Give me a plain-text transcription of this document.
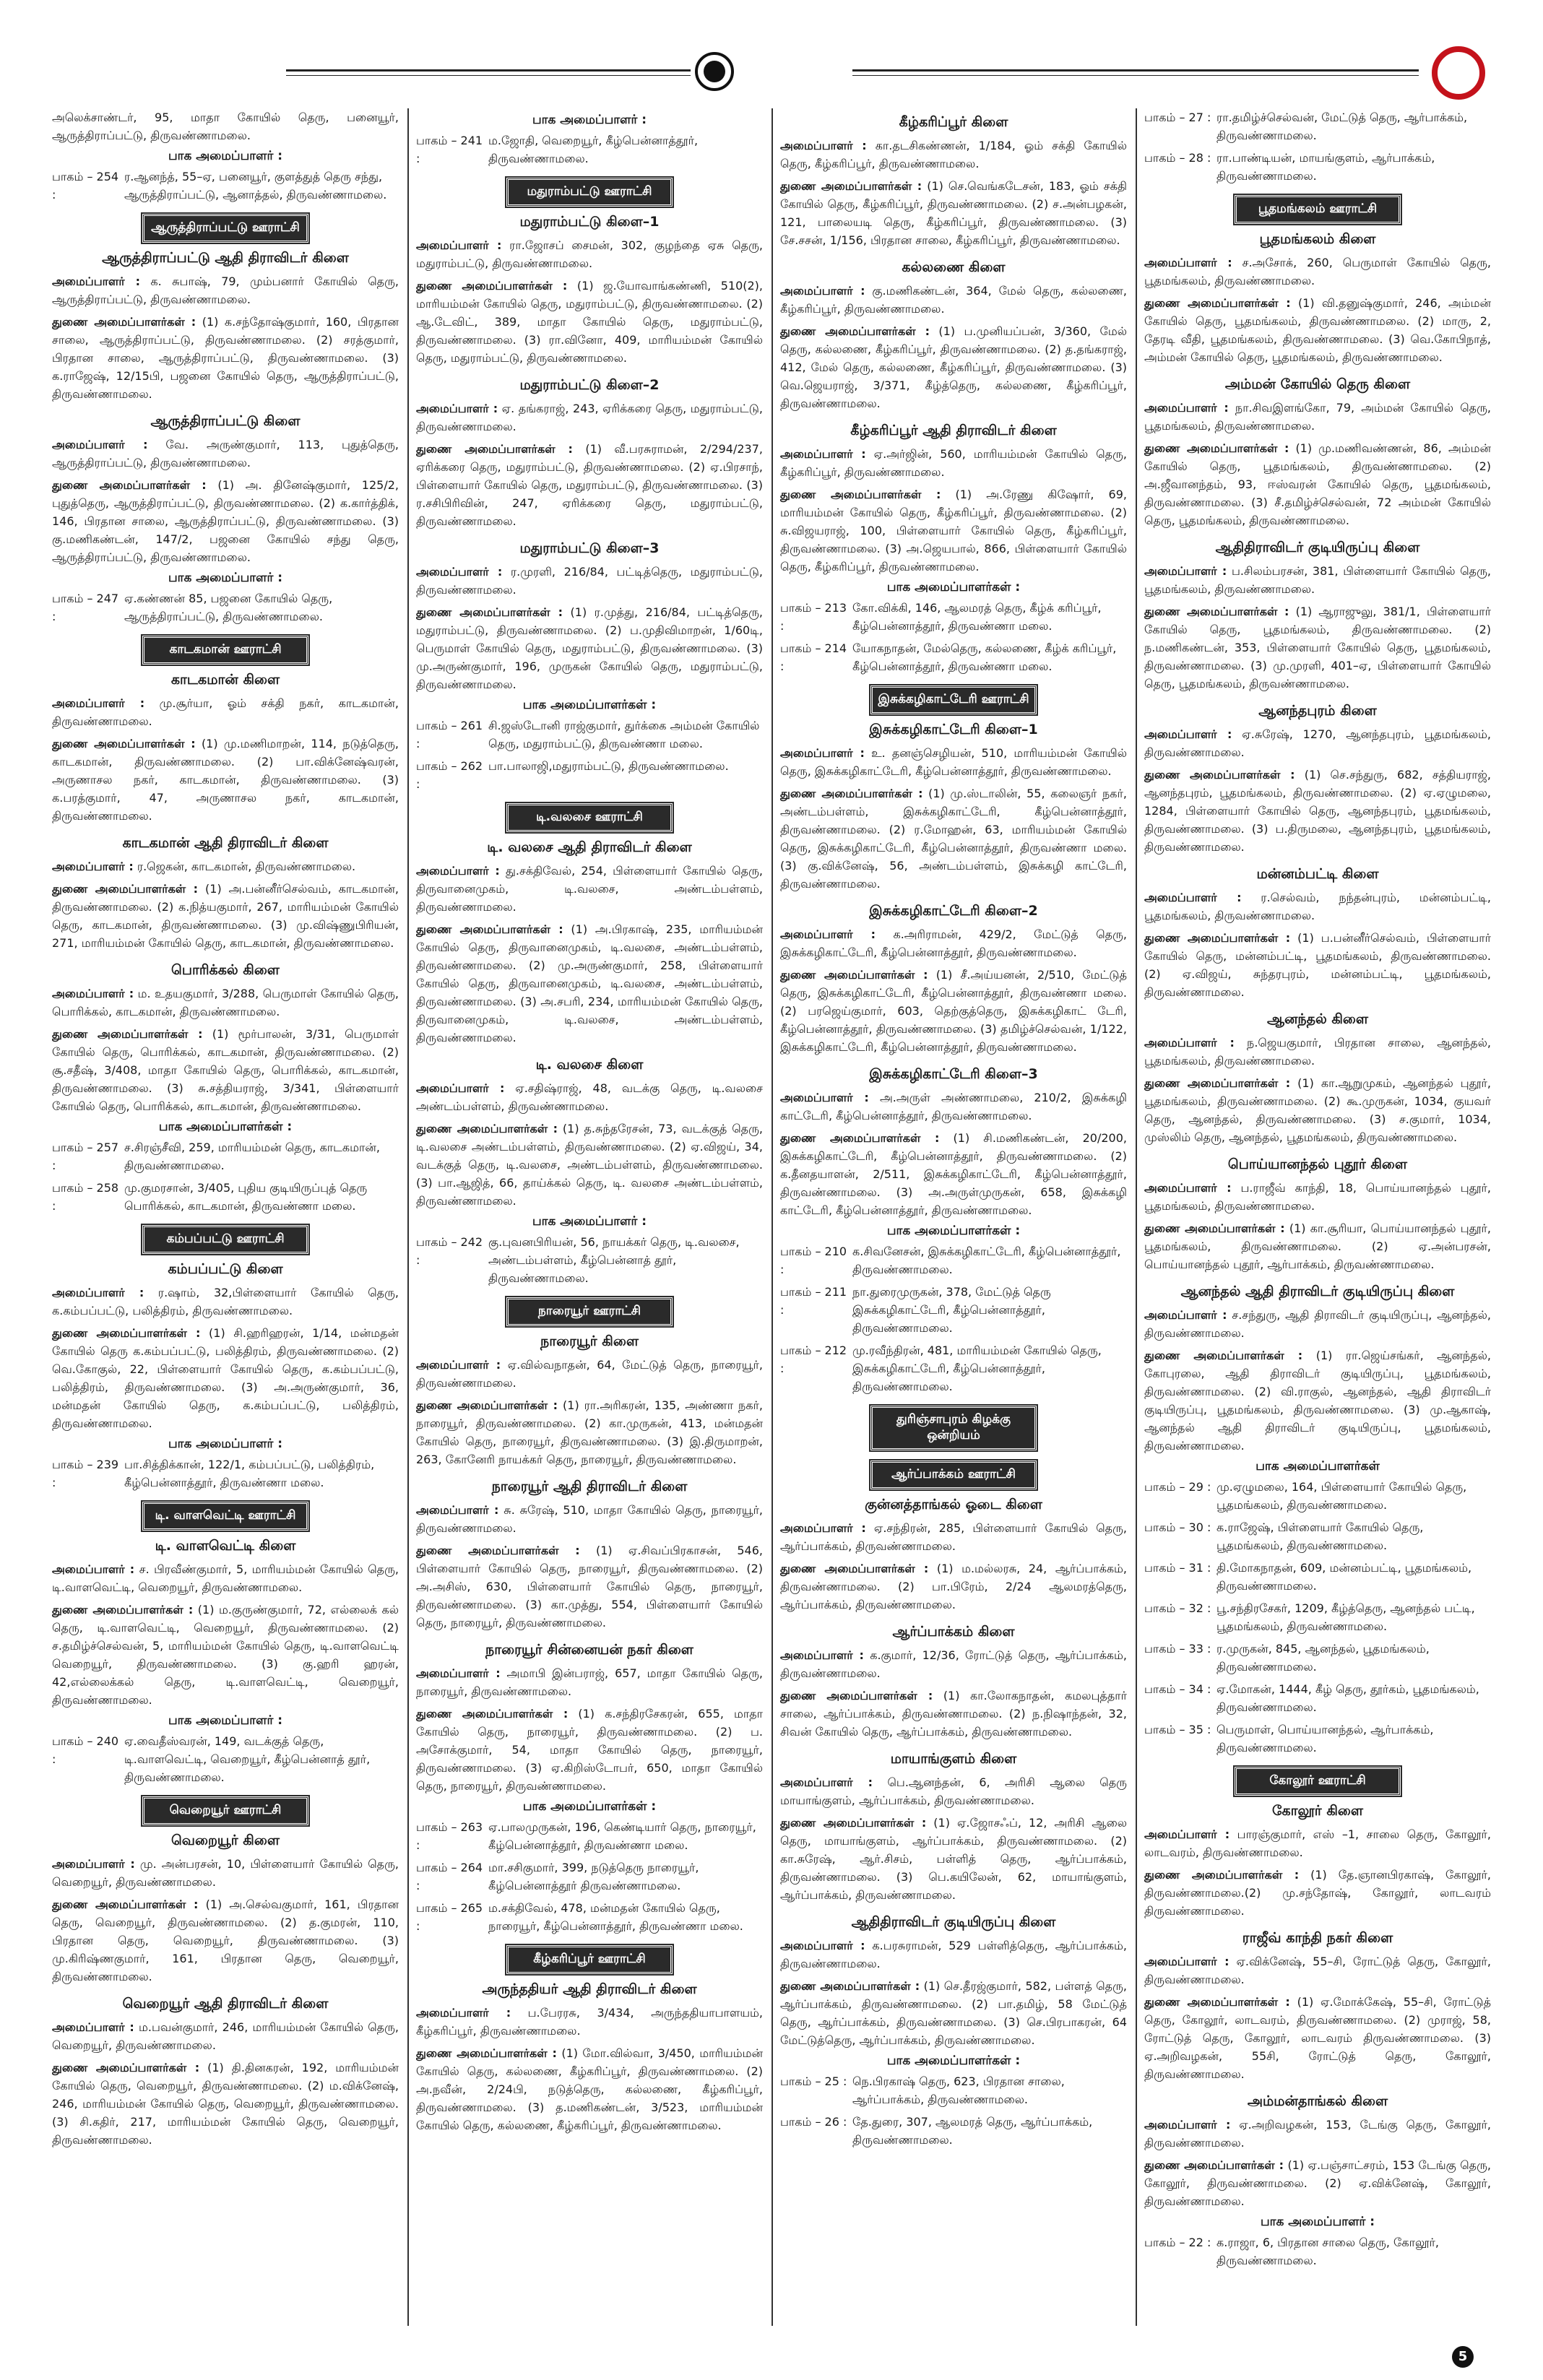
அலெக்சாண்டர், 95, மாதா கோயில் தெரு, பனையூர், ஆருத்திராப்பட்டு, திருவண்ணாமலை.
பாக அமைப்பாளர் :
பாகம் – 254 :
ர.ஆனந்த், 55–ஏ, பனையூர், குளத்துத் தெரு சந்து, ஆருத்திராப்பட்டு, ஆனாத்தல், திருவண்ணாமலை.
ஆருத்திராப்பட்டு ஊராட்சி
ஆருத்திராப்பட்டு ஆதி திராவிடர் கிளை
அமைப்பாளர் : க. சுபாஷ், 79, மும்பனார் கோயில் தெரு, ஆருத்திராப்பட்டு, திருவண்ணாமலை.
துணை அமைப்பாளர்கள் : (1) க.சந்தோஷ்குமார், 160, பிரதான சாலை, ஆருத்திராப்பட்டு, திருவண்ணாமலை. (2) சரத்குமார், பிரதான சாலை, ஆருத்திராப்பட்டு, திருவண்ணாமலை. (3) க.ராஜேஷ், 12/15பி, பஜனை கோயில் தெரு, ஆருத்திராப்பட்டு, திருவண்ணாமலை.
ஆருத்திராப்பட்டு கிளை
அமைப்பாளர் : வே. அருண்குமார், 113, புதுத்தெரு, ஆருத்திராப்பட்டு, திருவண்ணாமலை.
துணை அமைப்பாளர்கள் : (1) அ. தினேஷ்குமார், 125/2, புதுத்தெரு, ஆருத்திராப்பட்டு, திருவண்ணாமலை. (2) க.கார்த்திக், 146, பிரதான சாலை, ஆருத்திராப்பட்டு, திருவண்ணாமலை. (3) கு.மணிகண்டன், 147/2, பஜனை கோயில் சந்து தெரு, ஆருத்திராப்பட்டு, திருவண்ணாமலை.
பாக அமைப்பாளர் :
பாகம் – 247 :
ஏ.கண்ணன் 85, பஜனை கோயில் தெரு, ஆருத்திராப்பட்டு, திருவண்ணாமலை.
காடகமான் ஊராட்சி
காடகமான் கிளை
அமைப்பாளர் : மு.சூர்யா, ஓம் சக்தி நகர், காடகமான், திருவண்ணாமலை.
துணை அமைப்பாளர்கள் : (1) மு.மணிமாறன், 114, நடுத்தெரு, காடகமான், திருவண்ணாமலை. (2) பா.விக்னேஷ்வரன், அருணாசல நகர், காடகமான், திருவண்ணாமலை. (3) க.பரத்குமார், 47, அருணாசல நகர், காடகமான், திருவண்ணாமலை.
காடகமான் ஆதி திராவிடர் கிளை
அமைப்பாளர் : ர.ஜெகன், காடகமான், திருவண்ணாமலை.
துணை அமைப்பாளர்கள் : (1) அ.பன்னீர்செல்வம், காடகமான், திருவண்ணாமலை. (2) க.நித்யகுமார், 267, மாரியம்மன் கோயில் தெரு, காடகமான், திருவண்ணாமலை. (3) மு.விஷ்ணுபிரியன், 271, மாரியம்மன் கோயில் தெரு, காடகமான், திருவண்ணாமலை.
பொரிக்கல் கிளை
அமைப்பாளர் : ம. உதயகுமார், 3/288, பெருமாள் கோயில் தெரு, பொரிக்கல், காடகமான், திருவண்ணாமலை.
துணை அமைப்பாளர்கள் : (1) மூர்பாலன், 3/31, பெருமாள் கோயில் தெரு, பொரிக்கல், காடகமான், திருவண்ணாமலை. (2) சூ.சதீஷ், 3/408, மாதா கோயில் தெரு, பொரிக்கல், காடகமான், திருவண்ணாமலை. (3) சு.சத்தியராஜ், 3/341, பிள்ளையார் கோயில் தெரு, பொரிக்கல், காடகமான், திருவண்ணாமலை.
பாக அமைப்பாளர்கள் :
பாகம் – 257 :
ச.சிரஞ்சீவி, 259, மாரியம்மன் தெரு, காடகமான், திருவண்ணாமலை.
பாகம் – 258 :
மு.குமரசான், 3/405, புதிய குடியிருப்புத் தெரு பொரிக்கல், காடகமான், திருவண்ணா மலை.
கம்பப்பட்டு ஊராட்சி
கம்பப்பட்டு கிளை
அமைப்பாளர் : ர.ஷாம், 32,பிள்ளையார் கோயில் தெரு, க.கம்பப்பட்டு, பலித்திரம், திருவண்ணாமலை.
துணை அமைப்பாளர்கள் : (1) சி.ஹரிஹரன், 1/14, மன்மதன் கோயில் தெரு க.கம்பப்பட்டு, பலித்திரம், திருவண்ணாமலை. (2) வெ.கோகுல், 22, பிள்ளையார் கோயில் தெரு, க.கம்பப்பட்டு, பலித்திரம், திருவண்ணாமலை. (3) அ.அருண்குமார், 36, மன்மதன் கோயில் தெரு, க.கம்பப்பட்டு, பலித்திரம், திருவண்ணாமலை.
பாக அமைப்பாளர் :
பாகம் – 239 :
பா.சித்திக்கான், 122/1, கம்பப்பட்டு, பலித்திரம், கீழ்பென்னாத்தூர், திருவண்ணா மலை.
டி. வாளவெட்டி ஊராட்சி
டி. வாளவெட்டி கிளை
அமைப்பாளர் : ச. பிரவீண்குமார், 5, மாரியம்மன் கோயில் தெரு, டி.வாளவெட்டி, வெறையூர், திருவண்ணாமலை.
துணை அமைப்பாளர்கள் : (1) ம.குருண்குமார், 72, எல்லைக் கல் தெரு, டி.வாளவெட்டி, வெறையூர், திருவண்ணாமலை. (2) ச.தமிழ்ச்செல்வன், 5, மாரியம்மன் கோயில் தெரு, டி.வாளவெட்டி வெறையூர், திருவண்ணாமலை. (3) கு.ஹரி ஹரன், 42,எல்லைக்கல் தெரு, டி.வாளவெட்டி, வெறையூர், திருவண்ணாமலை.
பாக அமைப்பாளர் :
பாகம் – 240 :
ஏ.வைதீஸ்வரன், 149, வடக்குத் தெரு, டி.வாளவெட்டி, வெறையூர், கீழ்பென்னாத் தூர், திருவண்ணாமலை.
வெறையூர் ஊராட்சி
வெறையூர் கிளை
அமைப்பாளர் : மு. அன்பரசன், 10, பிள்ளையார் கோயில் தெரு, வெறையூர், திருவண்ணாமலை.
துணை அமைப்பாளர்கள் : (1) அ.செல்வகுமார், 161, பிரதான தெரு, வெறையூர், திருவண்ணாமலை. (2) த.குமரன், 110, பிரதான தெரு, வெறையூர், திருவண்ணாமலை. (3) மு.கிரிஷ்ணகுமார், 161, பிரதான தெரு, வெறையூர், திருவண்ணாமலை.
வெறையூர் ஆதி திராவிடர் கிளை
அமைப்பாளர் : ம.பவன்குமார், 246, மாரியம்மன் கோயில் தெரு, வெறையூர், திருவண்ணாமலை.
துணை அமைப்பாளர்கள் : (1) தி.தினகரன், 192, மாரியம்மன் கோயில் தெரு, வெறையூர், திருவண்ணாமலை. (2) ம.விக்னேஷ், 246, மாரியம்மன் கோயில் தெரு, வெறையூர், திருவண்ணாமலை. (3) சி.கதிர், 217, மாரியம்மன் கோயில் தெரு, வெறையூர், திருவண்ணாமலை.
பாக அமைப்பாளர் :
பாகம் – 241 :
ம.ஜோதி, வெறையூர், கீழ்பென்னாத்தூர், திருவண்ணாமலை.
மதுராம்பட்டு ஊராட்சி
மதுராம்பட்டு கிளை–1
அமைப்பாளர் : ரா.ஜோசப் சைமன், 302, குழந்தை ஏசு தெரு, மதுராம்பட்டு, திருவண்ணாமலை.
துணை அமைப்பாளர்கள் : (1) ஜ.யோவாங்கண்ணி, 510(2), மாரியம்மன் கோயில் தெரு, மதுராம்பட்டு, திருவண்ணாமலை. (2) ஆ.டேவிட், 389, மாதா கோயில் தெரு, மதுராம்பட்டு, திருவண்ணாமலை. (3) ரா.வினோ, 409, மாரியம்மன் கோயில் தெரு, மதுராம்பட்டு, திருவண்ணாமலை.
மதுராம்பட்டு கிளை–2
அமைப்பாளர் : ஏ. தங்கராஜ், 243, ஏரிக்கரை தெரு, மதுராம்பட்டு, திருவண்ணாமலை.
துணை அமைப்பாளர்கள் : (1) வீ.பரசுராமன், 2/294/237, ஏரிக்கரை தெரு, மதுராம்பட்டு, திருவண்ணாமலை. (2) ஏ.பிரசாந், பிள்ளையார் கோயில் தெரு, மதுராம்பட்டு, திருவண்ணாமலை. (3) ர.சசிபிரிவின், 247, ஏரிக்கரை தெரு, மதுராம்பட்டு, திருவண்ணாமலை.
மதுராம்பட்டு கிளை–3
அமைப்பாளர் : ர.முரளி, 216/84, பட்டித்தெரு, மதுராம்பட்டு, திருவண்ணாமலை.
துணை அமைப்பாளர்கள் : (1) ர.முத்து, 216/84, பட்டித்தெரு, மதுராம்பட்டு, திருவண்ணாமலை. (2) ப.முதிவிமாறன், 1/60டி, பெருமாள் கோயில் தெரு, மதுராம்பட்டு, திருவண்ணாமலை. (3) மு.அருண்குமார், 196, முருகன் கோயில் தெரு, மதுராம்பட்டு, திருவண்ணாமலை.
பாக அமைப்பாளர்கள் :
பாகம் – 261 :
சி.ஜஸ்டோனி ராஜ்குமார், துர்க்கை அம்மன் கோயில் தெரு, மதுராம்பட்டு, திருவண்ணா மலை.
பாகம் – 262 :
பா.பாலாஜி,மதுராம்பட்டு, திருவண்ணாமலை.
டி.வலசை ஊராட்சி
டி. வலசை ஆதி திராவிடர் கிளை
அமைப்பாளர் : து.சக்திவேல், 254, பிள்ளையார் கோயில் தெரு, திருவானைமுகம், டி.வலசை, அண்டம்பள்ளம், திருவண்ணாமலை.
துணை அமைப்பாளர்கள் : (1) அ.பிரகாஷ், 235, மாரியம்மன் கோயில் தெரு, திருவானைமுகம், டி.வலசை, அண்டம்பள்ளம், திருவண்ணாமலை. (2) மு.அருண்குமார், 258, பிள்ளையார் கோயில் தெரு, திருவானைமுகம், டி.வலசை, அண்டம்பள்ளம், திருவண்ணாமலை. (3) அ.சபரி, 234, மாரியம்மன் கோயில் தெரு, திருவானைமுகம், டி.வலசை, அண்டம்பள்ளம், திருவண்ணாமலை.
டி. வலசை கிளை
அமைப்பாளர் : ஏ.சதிஷ்ராஜ், 48, வடக்கு தெரு, டி.வலசை அண்டம்பள்ளம், திருவண்ணாமலை.
துணை அமைப்பாளர்கள் : (1) த.சுந்தரேசன், 73, வடக்குத் தெரு, டி.வலசை அண்டம்பள்ளம், திருவண்ணாமலை. (2) ஏ.விஜய், 34, வடக்குத் தெரு, டி.வலசை, அண்டம்பள்ளம், திருவண்ணாமலை. (3) பா.ஆஜித், 66, தாய்க்கல் தெரு, டி. வலசை அண்டம்பள்ளம், திருவண்ணாமலை.
பாக அமைப்பாளர் :
பாகம் – 242 :
கு.புவனபிரியன், 56, நாயக்கர் தெரு, டி.வலசை, அண்டம்பள்ளம், கீழ்பென்னாத் தூர், திருவண்ணாமலை.
நாரையூர் ஊராட்சி
நாரையூர் கிளை
அமைப்பாளர் : ஏ.வில்வநாதன், 64, மேட்டுத் தெரு, நாரையூர், திருவண்ணாமலை.
துணை அமைப்பாளர்கள் : (1) ரா.அரிகரன், 135, அண்ணா நகர், நாரையூர், திருவண்ணாமலை. (2) கா.முருகன், 413, மன்மதன் கோயில் தெரு, நாரையூர், திருவண்ணாமலை. (3) இ.திருமாறன், 263, கோனேரி நாயக்கர் தெரு, நாரையூர், திருவண்ணாமலை.
நாரையூர் ஆதி திராவிடர் கிளை
அமைப்பாளர் : சு. சுரேஷ், 510, மாதா கோயில் தெரு, நாரையூர், திருவண்ணாமலை.
துணை அமைப்பாளர்கள் : (1) ஏ.சிவப்பிரகாசன், 546, பிள்ளையார் கோயில் தெரு, நாரையூர், திருவண்ணாமலை. (2) அ.அசிஸ், 630, பிள்ளையார் கோயில் தெரு, நாரையூர், திருவண்ணாமலை. (3) கா.முத்து, 554, பிள்ளையார் கோயில் தெரு, நாரையூர், திருவண்ணாமலை.
நாரையூர் சின்னையன் நகர் கிளை
அமைப்பாளர் : அமாபி இன்பராஜ், 657, மாதா கோயில் தெரு, நாரையூர், திருவண்ணாமலை.
துணை அமைப்பாளர்கள் : (1) க.சந்திரசேகரன், 655, மாதா கோயில் தெரு, நாரையூர், திருவண்ணாமலை. (2) ப. அசோக்குமார், 54, மாதா கோயில் தெரு, நாரையூர், திருவண்ணாமலை. (3) ஏ.கிறிஸ்டோபர், 650, மாதா கோயில் தெரு, நாரையூர், திருவண்ணாமலை.
பாக அமைப்பாளர்கள் :
பாகம் – 263 :
ஏ.பாலமுருகன், 196, கெண்டியார் தெரு, நாரையூர், கீழ்பென்னாத்தூர், திருவண்ணா மலை.
பாகம் – 264 :
மா.சசிகுமார், 399, நடுத்தெரு நாரையூர், கீழ்பென்னாத்தூர் திருவண்ணாமலை.
பாகம் – 265 :
ம.சக்திவேல், 478, மன்மதன் கோயில் தெரு, நாரையூர், கீழ்பென்னாத்தூர், திருவண்ணா மலை.
கீழ்கரிப்பூர் ஊராட்சி
அருந்ததியர் ஆதி திராவிடர் கிளை
அமைப்பாளர் : ப.பேரரசு, 3/434, அருந்ததியாபாளயம், கீழ்கரிப்பூர், திருவண்ணாமலை.
துணை அமைப்பாளர்கள் : (1) மோ.வில்வா, 3/450, மாரியம்மன் கோயில் தெரு, கல்லணை, கீழ்கரிப்பூர், திருவண்ணாமலை. (2) அ.நவீன், 2/24பி, நடுத்தெரு, கல்லணை, கீழ்கரிப்பூர், திருவண்ணாமலை. (3) த.மணிகண்டன், 3/523, மாரியம்மன் கோயில் தெரு, கல்லணை, கீழ்கரிப்பூர், திருவண்ணாமலை.
கீழ்கரிப்பூர் கிளை
அமைப்பாளர் : கா.தடசிகண்ணன், 1/184, ஓம் சக்தி கோயில் தெரு, கீழ்கரிப்பூர், திருவண்ணாமலை.
துணை அமைப்பாளர்கள் : (1) செ.வெங்கடேசன், 183, ஓம் சக்தி கோயில் தெரு, கீழ்கரிப்பூர், திருவண்ணாமலை. (2) ச.அன்பழகன், 121, பாலையடி தெரு, கீழ்கரிப்பூர், திருவண்ணாமலை. (3) சே.சசன், 1/156, பிரதான சாலை, கீழ்கரிப்பூர், திருவண்ணாமலை.
கல்லணை கிளை
அமைப்பாளர் : கு.மணிகண்டன், 364, மேல் தெரு, கல்லணை, கீழ்கரிப்பூர், திருவண்ணாமலை.
துணை அமைப்பாளர்கள் : (1) ப.முனியப்பன், 3/360, மேல் தெரு, கல்லணை, கீழ்கரிப்பூர், திருவண்ணாமலை. (2) த.தங்கராஜ், 412, மேல் தெரு, கல்லணை, கீழ்கரிப்பூர், திருவண்ணாமலை. (3) வெ.ஜெயராஜ், 3/371, கீழ்த்தெரு, கல்லணை, கீழ்கரிப்பூர், திருவண்ணாமலை.
கீழ்கரிப்பூர் ஆதி திராவிடர் கிளை
அமைப்பாளர் : ஏ.அர்ஜின், 560, மாரியம்மன் கோயில் தெரு, கீழ்கரிப்பூர், திருவண்ணாமலை.
துணை அமைப்பாளர்கள் : (1) அ.ரேணு கிஷோர், 69, மாரியம்மன் கோயில் தெரு, கீழ்கரிப்பூர், திருவண்ணாமலை. (2) சு.விஜயராஜ், 100, பிள்ளையார் கோயில் தெரு, கீழ்கரிப்பூர், திருவண்ணாமலை. (3) அ.ஜெயபால், 866, பிள்ளையார் கோயில் தெரு, கீழ்கரிப்பூர், திருவண்ணாமலை.
பாக அமைப்பாளர்கள் :
பாகம் – 213 :
கோ.விக்கி, 146, ஆலமரத் தெரு, கீழ்க் கரிப்பூர், கீழ்பென்னாத்தூர், திருவண்ணா மலை.
பாகம் – 214 :
யோகநாதன், மேல்தெரு, கல்லணை, கீழ்க் கரிப்பூர், கீழ்பென்னாத்தூர், திருவண்ணா மலை.
இசுக்கழிகாட்டேரி ஊராட்சி
இசுக்கழிகாட்டேரி கிளை–1
அமைப்பாளர் : உ. தனஞ்செழியன், 510, மாரியம்மன் கோயில் தெரு, இசுக்கழிகாட்டேரி, கீழ்பென்னாத்தூர், திருவண்ணாமலை.
துணை அமைப்பாளர்கள் : (1) மு.ஸ்டாலின், 55, கலைஞர் நகர், அண்டம்பள்ளம், இசுக்கழிகாட்டேரி, கீழ்பென்னாத்தூர், திருவண்ணாமலை. (2) ர.மோஹன், 63, மாரியம்மன் கோயில் தெரு, இசுக்கழிகாட்டேரி, கீழ்பென்னாத்தூர், திருவண்ணா மலை. (3) கு.விக்னேஷ், 56, அண்டம்பள்ளம், இசுக்கழி காட்டேரி, திருவண்ணாமலை.
இசுக்கழிகாட்டேரி கிளை–2
அமைப்பாளர் : க.அரிராமன், 429/2, மேட்டுத் தெரு, இசுக்கழிகாட்டேரி, கீழ்பென்னாத்தூர், திருவண்ணாமலை.
துணை அமைப்பாளர்கள் : (1) சீ.அய்யனன், 2/510, மேட்டுத் தெரு, இசுக்கழிகாட்டேரி, கீழ்பென்னாத்தூர், திருவண்ணா மலை. (2) பரஜெய்குமார், 603, தெற்குத்தெரு, இசுக்கழிகாட் டேரி, கீழ்பென்னாத்தூர், திருவண்ணாமலை. (3) தமிழ்ச்செல்வன், 1/122, இசுக்கழிகாட்டேரி, கீழ்பென்னாத்தூர், திருவண்ணாமலை.
இசுக்கழிகாட்டேரி கிளை–3
அமைப்பாளர் : அ.அருள் அண்ணாமலை, 210/2, இசுக்கழி காட்டேரி, கீழ்பென்னாத்தூர், திருவண்ணாமலை.
துணை அமைப்பாளர்கள் : (1) சி.மணிகண்டன், 20/200, இசுக்கழிகாட்டேரி, கீழ்பென்னாத்தூர், திருவண்ணாமலை. (2) க.தீனதயாளன், 2/511, இசுக்கழிகாட்டேரி, கீழ்பென்னாத்தூர், திருவண்ணாமலை. (3) அ.அருள்முருகன், 658, இசுக்கழி காட்டேரி, கீழ்பென்னாத்தூர், திருவண்ணாமலை.
பாக அமைப்பாளர்கள் :
பாகம் – 210 :
க.சிவனேசன், இசுக்கழிகாட்டேரி, கீழ்பென்னாத்தூர், திருவண்ணாமலை.
பாகம் – 211 :
நா.துரைமுருகன், 378, மேட்டுத் தெரு இசுக்கழிகாட்டேரி, கீழ்பென்னாத்தூர், திருவண்ணாமலை.
பாகம் – 212 :
மு.ரவீந்திரன், 481, மாரியம்மன் கோயில் தெரு, இசுக்கழிகாட்டேரி, கீழ்பென்னாத்தூர், திருவண்ணாமலை.
துரிஞ்சாபுரம் கிழக்கு ஒன்றியம்
ஆர்ப்பாக்கம் ஊராட்சி
குன்னத்தாங்கல் ஓடை கிளை
அமைப்பாளர் : ஏ.சந்திரன், 285, பிள்ளையார் கோயில் தெரு, ஆர்ப்பாக்கம், திருவண்ணாமலை.
துணை அமைப்பாளர்கள் : (1) ம.மல்லரசு, 24, ஆர்ப்பாக்கம், திருவண்ணாமலை. (2) பா.பிரேம், 2/24 ஆலமரத்தெரு, ஆர்ப்பாக்கம், திருவண்ணாமலை.
ஆர்ப்பாக்கம் கிளை
அமைப்பாளர் : க.குமார், 12/36, ரோட்டுத் தெரு, ஆர்ப்பாக்கம், திருவண்ணாமலை.
துணை அமைப்பாளர்கள் : (1) கா.லோகநாதன், கமலபுத்தார் சாலை, ஆர்ப்பாக்கம், திருவண்ணாமலை. (2) ந.நிஷாந்தன், 32, சிவன் கோயில் தெரு, ஆர்ப்பாக்கம், திருவண்ணாமலை.
மாயாங்குளம் கிளை
அமைப்பாளர் : பெ.ஆனந்தன், 6, அரிசி ஆலை தெரு மாயாங்குளம், ஆர்ப்பாக்கம், திருவண்ணாமலை.
துணை அமைப்பாளர்கள் : (1) ஏ.ஜோசஃப், 12, அரிசி ஆலை தெரு, மாயாங்குளம், ஆர்ப்பாக்கம், திருவண்ணாமலை. (2) கா.சுரேஷ், ஆர்.சிசம், பள்ளித் தெரு, ஆர்ப்பாக்கம், திருவண்ணாமலை. (3) பெ.கயிலேன், 62, மாயாங்குளம், ஆர்ப்பாக்கம், திருவண்ணாமலை.
ஆதிதிராவிடர் குடியிருப்பு கிளை
அமைப்பாளர் : க.பரசுராமன், 529 பள்ளித்தெரு, ஆர்ப்பாக்கம், திருவண்ணாமலை.
துணை அமைப்பாளர்கள் : (1) செ.தீரஜ்குமார், 582, பள்ளத் தெரு, ஆர்ப்பாக்கம், திருவண்ணாமலை. (2) பா.தமிழ், 58 மேட்டுத் தெரு, ஆர்ப்பாக்கம், திருவண்ணாமலை. (3) செ.பிரபாகரன், 64 மேட்டுத்தெரு, ஆர்ப்பாக்கம், திருவண்ணாமலை.
பாக அமைப்பாளர்கள் :
பாகம் – 25 : நெ.பிரகாஷ் தெரு, 623, பிரதான சாலை, ஆர்ப்பாக்கம், திருவண்ணாமலை.
பாகம் – 26 : தே.துரை, 307, ஆலமரத் தெரு, ஆர்ப்பாக்கம், திருவண்ணாமலை.
பாகம் – 27 : ரா.தமிழ்ச்செல்வன், மேட்டுத் தெரு, ஆர்பாக்கம், திருவண்ணாமலை.
பாகம் – 28 : ரா.பாண்டியன், மாயங்குளம், ஆர்பாக்கம், திருவண்ணாமலை.
பூதமங்கலம் ஊராட்சி
பூதமங்கலம் கிளை
அமைப்பாளர் : ச.அசோக், 260, பெருமாள் கோயில் தெரு, பூதமங்கலம், திருவண்ணாமலை.
துணை அமைப்பாளர்கள் : (1) வி.தனுஷ்குமார், 246, அம்மன் கோயில் தெரு, பூதமங்கலம், திருவண்ணாமலை. (2) மாரு, 2, தேரடி வீதி, பூதமங்கலம், திருவண்ணாமலை. (3) வெ.கோபிநாத், அம்மன் கோயில் தெரு, பூதமங்கலம், திருவண்ணாமலை.
அம்மன் கோயில் தெரு கிளை
அமைப்பாளர் : நா.சிவஇளங்கோ, 79, அம்மன் கோயில் தெரு, பூதமங்கலம், திருவண்ணாமலை.
துணை அமைப்பாளர்கள் : (1) மு.மணிவண்ணன், 86, அம்மன் கோயில் தெரு, பூதமங்கலம், திருவண்ணாமலை. (2) அ.ஜீவானந்தம், 93, ஈஸ்வரன் கோயில் தெரு, பூதமங்கலம், திருவண்ணாமலை. (3) சீ.தமிழ்ச்செல்வன், 72 அம்மன் கோயில் தெரு, பூதமங்கலம், திருவண்ணாமலை.
ஆதிதிராவிடர் குடியிருப்பு கிளை
அமைப்பாளர் : ப.சிலம்பரசன், 381, பிள்ளையார் கோயில் தெரு, பூதமங்கலம், திருவண்ணாமலை.
துணை அமைப்பாளர்கள் : (1) ஆராஜுலு, 381/1, பிள்ளையார் கோயில் தெரு, பூதமங்கலம், திருவண்ணாமலை. (2) ந.மணிகண்டன், 353, பிள்ளையார் கோயில் தெரு, பூதமங்கலம், திருவண்ணாமலை. (3) மு.முரளி, 401–ஏ, பிள்ளையார் கோயில் தெரு, பூதமங்கலம், திருவண்ணாமலை.
ஆனந்தபுரம் கிளை
அமைப்பாளர் : ஏ.சுரேஷ், 1270, ஆனந்தபுரம், பூதமங்கலம், திருவண்ணாமலை.
துணை அமைப்பாளர்கள் : (1) செ.சந்துரு, 682, சத்தியராஜ், ஆனந்தபுரம், பூதமங்கலம், திருவண்ணாமலை. (2) ஏ.ஏழுமலை, 1284, பிள்ளையார் கோயில் தெரு, ஆனந்தபுரம், பூதமங்கலம், திருவண்ணாமலை. (3) ப.திருமலை, ஆனந்தபுரம், பூதமங்கலம், திருவண்ணாமலை.
மன்னம்பட்டி கிளை
அமைப்பாளர் : ர.செல்வம், நந்தன்புரம், மன்னம்பட்டி, பூதமங்கலம், திருவண்ணாமலை.
துணை அமைப்பாளர்கள் : (1) ப.பன்னீர்செல்வம், பிள்ளையார் கோயில் தெரு, மன்னம்பட்டி, பூதமங்கலம், திருவண்ணாமலை. (2) ஏ.விஜய், சுந்தரபுரம், மன்னம்பட்டி, பூதமங்கலம், திருவண்ணாமலை.
ஆனந்தல் கிளை
அமைப்பாளர் : ந.ஜெயகுமார், பிரதான சாலை, ஆனந்தல், பூதமங்கலம், திருவண்ணாமலை.
துணை அமைப்பாளர்கள் : (1) கா.ஆறுமுகம், ஆனந்தல் புதூர், பூதமங்கலம், திருவண்ணாமலை. (2) கூ.முருகன், 1034, குயவர் தெரு, ஆனந்தல், திருவண்ணாமலை. (3) ச.குமார், 1034, முஸ்லிம் தெரு, ஆனந்தல், பூதமங்கலம், திருவண்ணாமலை.
பொய்யானந்தல் புதூர் கிளை
அமைப்பாளர் : ப.ராஜீவ் காந்தி, 18, பொய்யானந்தல் புதூர், பூதமங்கலம், திருவண்ணாமலை.
துணை அமைப்பாளர்கள் : (1) கா.சூரியா, பொய்யானந்தல் புதூர், பூதமங்கலம், திருவண்ணாமலை. (2) ஏ.அன்பரசன், பொய்யானந்தல் புதூர், ஆர்பாக்கம், திருவண்ணாமலை.
ஆனந்தல் ஆதி திராவிடர் குடியிருப்பு கிளை
அமைப்பாளர் : ச.சந்துரு, ஆதி திராவிடர் குடியிருப்பு, ஆனந்தல், திருவண்ணாமலை.
துணை அமைப்பாளர்கள் : (1) ரா.ஜெய்சங்கர், ஆனந்தல், கோபுரலை, ஆதி திராவிடர் குடியிருப்பு, பூதமங்கலம், திருவண்ணாமலை. (2) வி.ராகுல், ஆனந்தல், ஆதி திராவிடர் குடியிருப்பு, பூதமங்கலம், திருவண்ணாமலை. (3) மு.ஆகாஷ், ஆனந்தல் ஆதி திராவிடர் குடியிருப்பு, பூதமங்கலம், திருவண்ணாமலை.
பாக அமைப்பாளர்கள்
பாகம் – 29 : மு.ஏழுமலை, 164, பிள்ளையார் கோயில் தெரு, பூதமங்கலம், திருவண்ணாமலை.
பாகம் – 30 : க.ராஜேஷ், பிள்ளையார் கோயில் தெரு, பூதமங்கலம், திருவண்ணாமலை.
பாகம் – 31 : தி.மோகநாதன், 609, மன்னம்பட்டி, பூதமங்கலம், திருவண்ணாமலை.
பாகம் – 32 : பூ.சந்திரசேகர், 1209, கீழ்த்தெரு, ஆனந்தல் பட்டி, பூதமங்கலம், திருவண்ணாமலை.
பாகம் – 33 : ர.முருகன், 845, ஆனந்தல், பூதமங்கலம், திருவண்ணாமலை.
பாகம் – 34 : ஏ.மோகன், 1444, கீழ் தெரு, தூர்கம், பூதமங்கலம், திருவண்ணாமலை.
பாகம் – 35 : பெருமாள், பொய்யானந்தல், ஆர்பாக்கம், திருவண்ணாமலை.
கோலூர் ஊராட்சி
கோலூர் கிளை
அமைப்பாளர் : பாரஞ்குமார், எஸ் –1, சாலை தெரு, கோலூர், லாடவரம், திருவண்ணாமலை.
துணை அமைப்பாளர்கள் : (1) தே.ஞானபிரகாஷ், கோலூர், திருவண்ணாமலை.(2) மு.சந்தோஷ், கோலூர், லாடவரம் திருவண்ணாமலை.
ராஜீவ் காந்தி நகர் கிளை
அமைப்பாளர் : ஏ.விக்னேஷ், 55–சி, ரோட்டுத் தெரு, கோலூர், திருவண்ணாமலை.
துணை அமைப்பாளர்கள் : (1) ஏ.மோக்கேஷ், 55–சி, ரோட்டுத் தெரு, கோலூர், லாடவரம், திருவண்ணாமலை. (2) முராஜ், 58, ரோட்டுத் தெரு, கோலூர், லாடவரம் திருவண்ணாமலை. (3) ஏ.அறிவழகன், 55சி, ரோட்டுத் தெரு, கோலூர், திருவண்ணாமலை.
அம்மன்தாங்கல் கிளை
அமைப்பாளர் : ஏ.அறிவழகன், 153, டேங்கு தெரு, கோலூர், திருவண்ணாமலை.
துணை அமைப்பாளர்கள் : (1) ஏ.பஞ்சாட்சரம், 153 டேங்கு தெரு, கோலூர், திருவண்ணாமலை. (2) ஏ.விக்னேஷ், கோலூர், திருவண்ணாமலை.
பாக அமைப்பாளர் :
பாகம் – 22 : க.ராஜா, 6, பிரதான சாலை தெரு, கோலூர், திருவண்ணாமலை.
5
